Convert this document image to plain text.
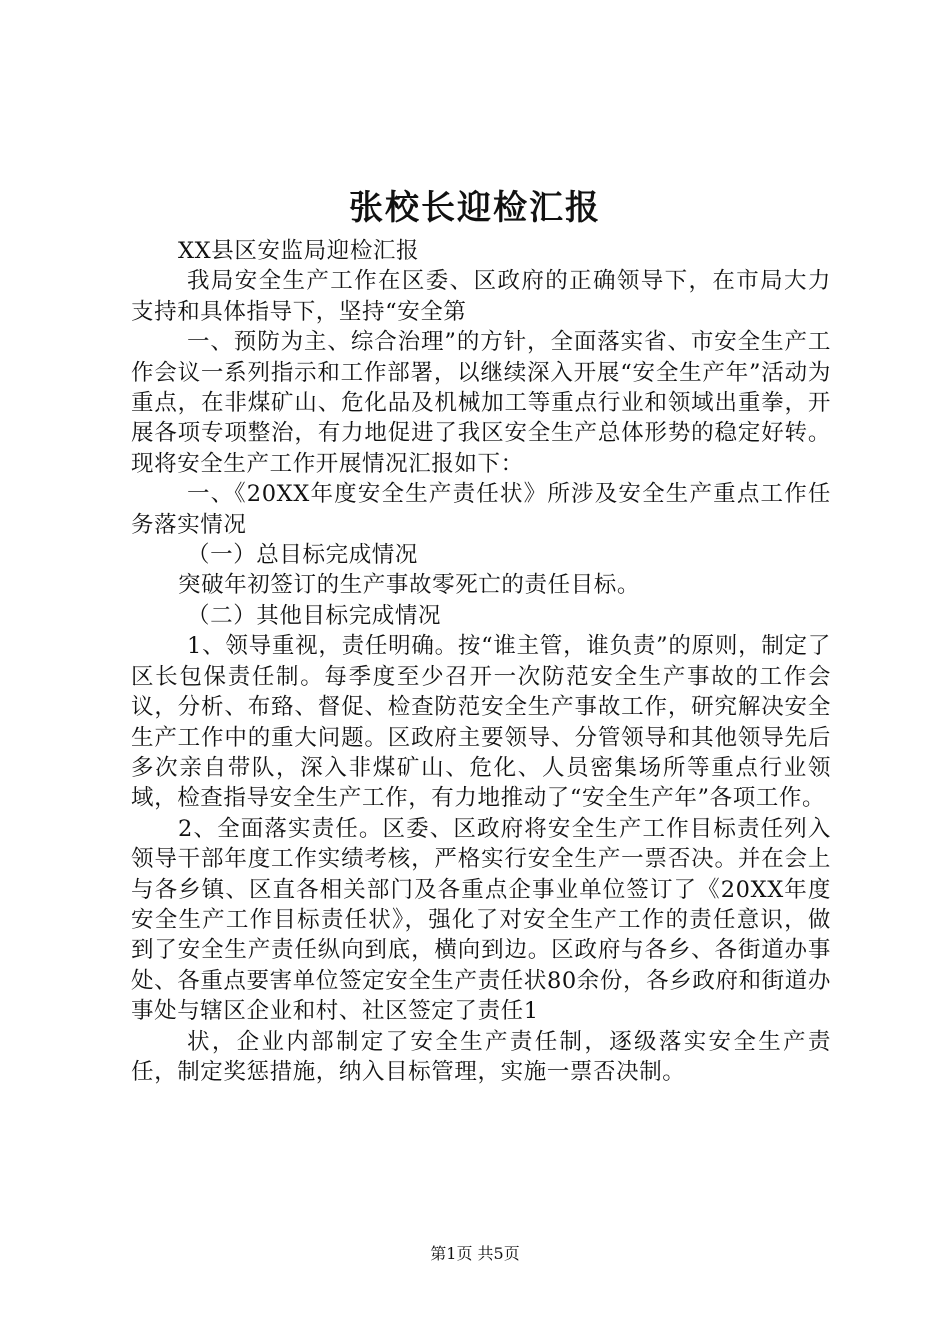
张校长迎检汇报

XX县区安监局迎检汇报

我局安全生产工作在区委、区政府的正确领导下，在市局大力支持和具体指导下，坚持“安全第

一、预防为主、综合治理”的方针，全面落实省、市安全生产工作会议一系列指示和工作部署，以继续深入开展“安全生产年”活动为重点，在非煤矿山、危化品及机械加工等重点行业和领域出重拳，开展各项专项整治，有力地促进了我区安全生产总体形势的稳定好转。现将安全生产工作开展情况汇报如下：

一、《20XX年度安全生产责任状》所涉及安全生产重点工作任务落实情况

（一）总目标完成情况

突破年初签订的生产事故零死亡的责任目标。

（二）其他目标完成情况

1、领导重视，责任明确。按“谁主管，谁负责”的原则，制定了区长包保责任制。每季度至少召开一次防范安全生产事故的工作会议，分析、布臵、督促、检查防范安全生产事故工作，研究解决安全生产工作中的重大问题。区政府主要领导、分管领导和其他领导先后多次亲自带队，深入非煤矿山、危化、人员密集场所等重点行业领域，检查指导安全生产工作，有力地推动了“安全生产年”各项工作。

2、全面落实责任。区委、区政府将安全生产工作目标责任列入领导干部年度工作实绩考核，严格实行安全生产一票否决。并在会上与各乡镇、区直各相关部门及各重点企事业单位签订了《20XX年度安全生产工作目标责任状》，强化了对安全生产工作的责任意识，做到了安全生产责任纵向到底，横向到边。区政府与各乡、各街道办事处、各重点要害单位签定安全生产责任状80余份，各乡政府和街道办事处与辖区企业和村、社区签定了责任1

状，企业内部制定了安全生产责任制，逐级落实安全生产责任，制定奖惩措施，纳入目标管理，实施一票否决制。

第1页 共5页
